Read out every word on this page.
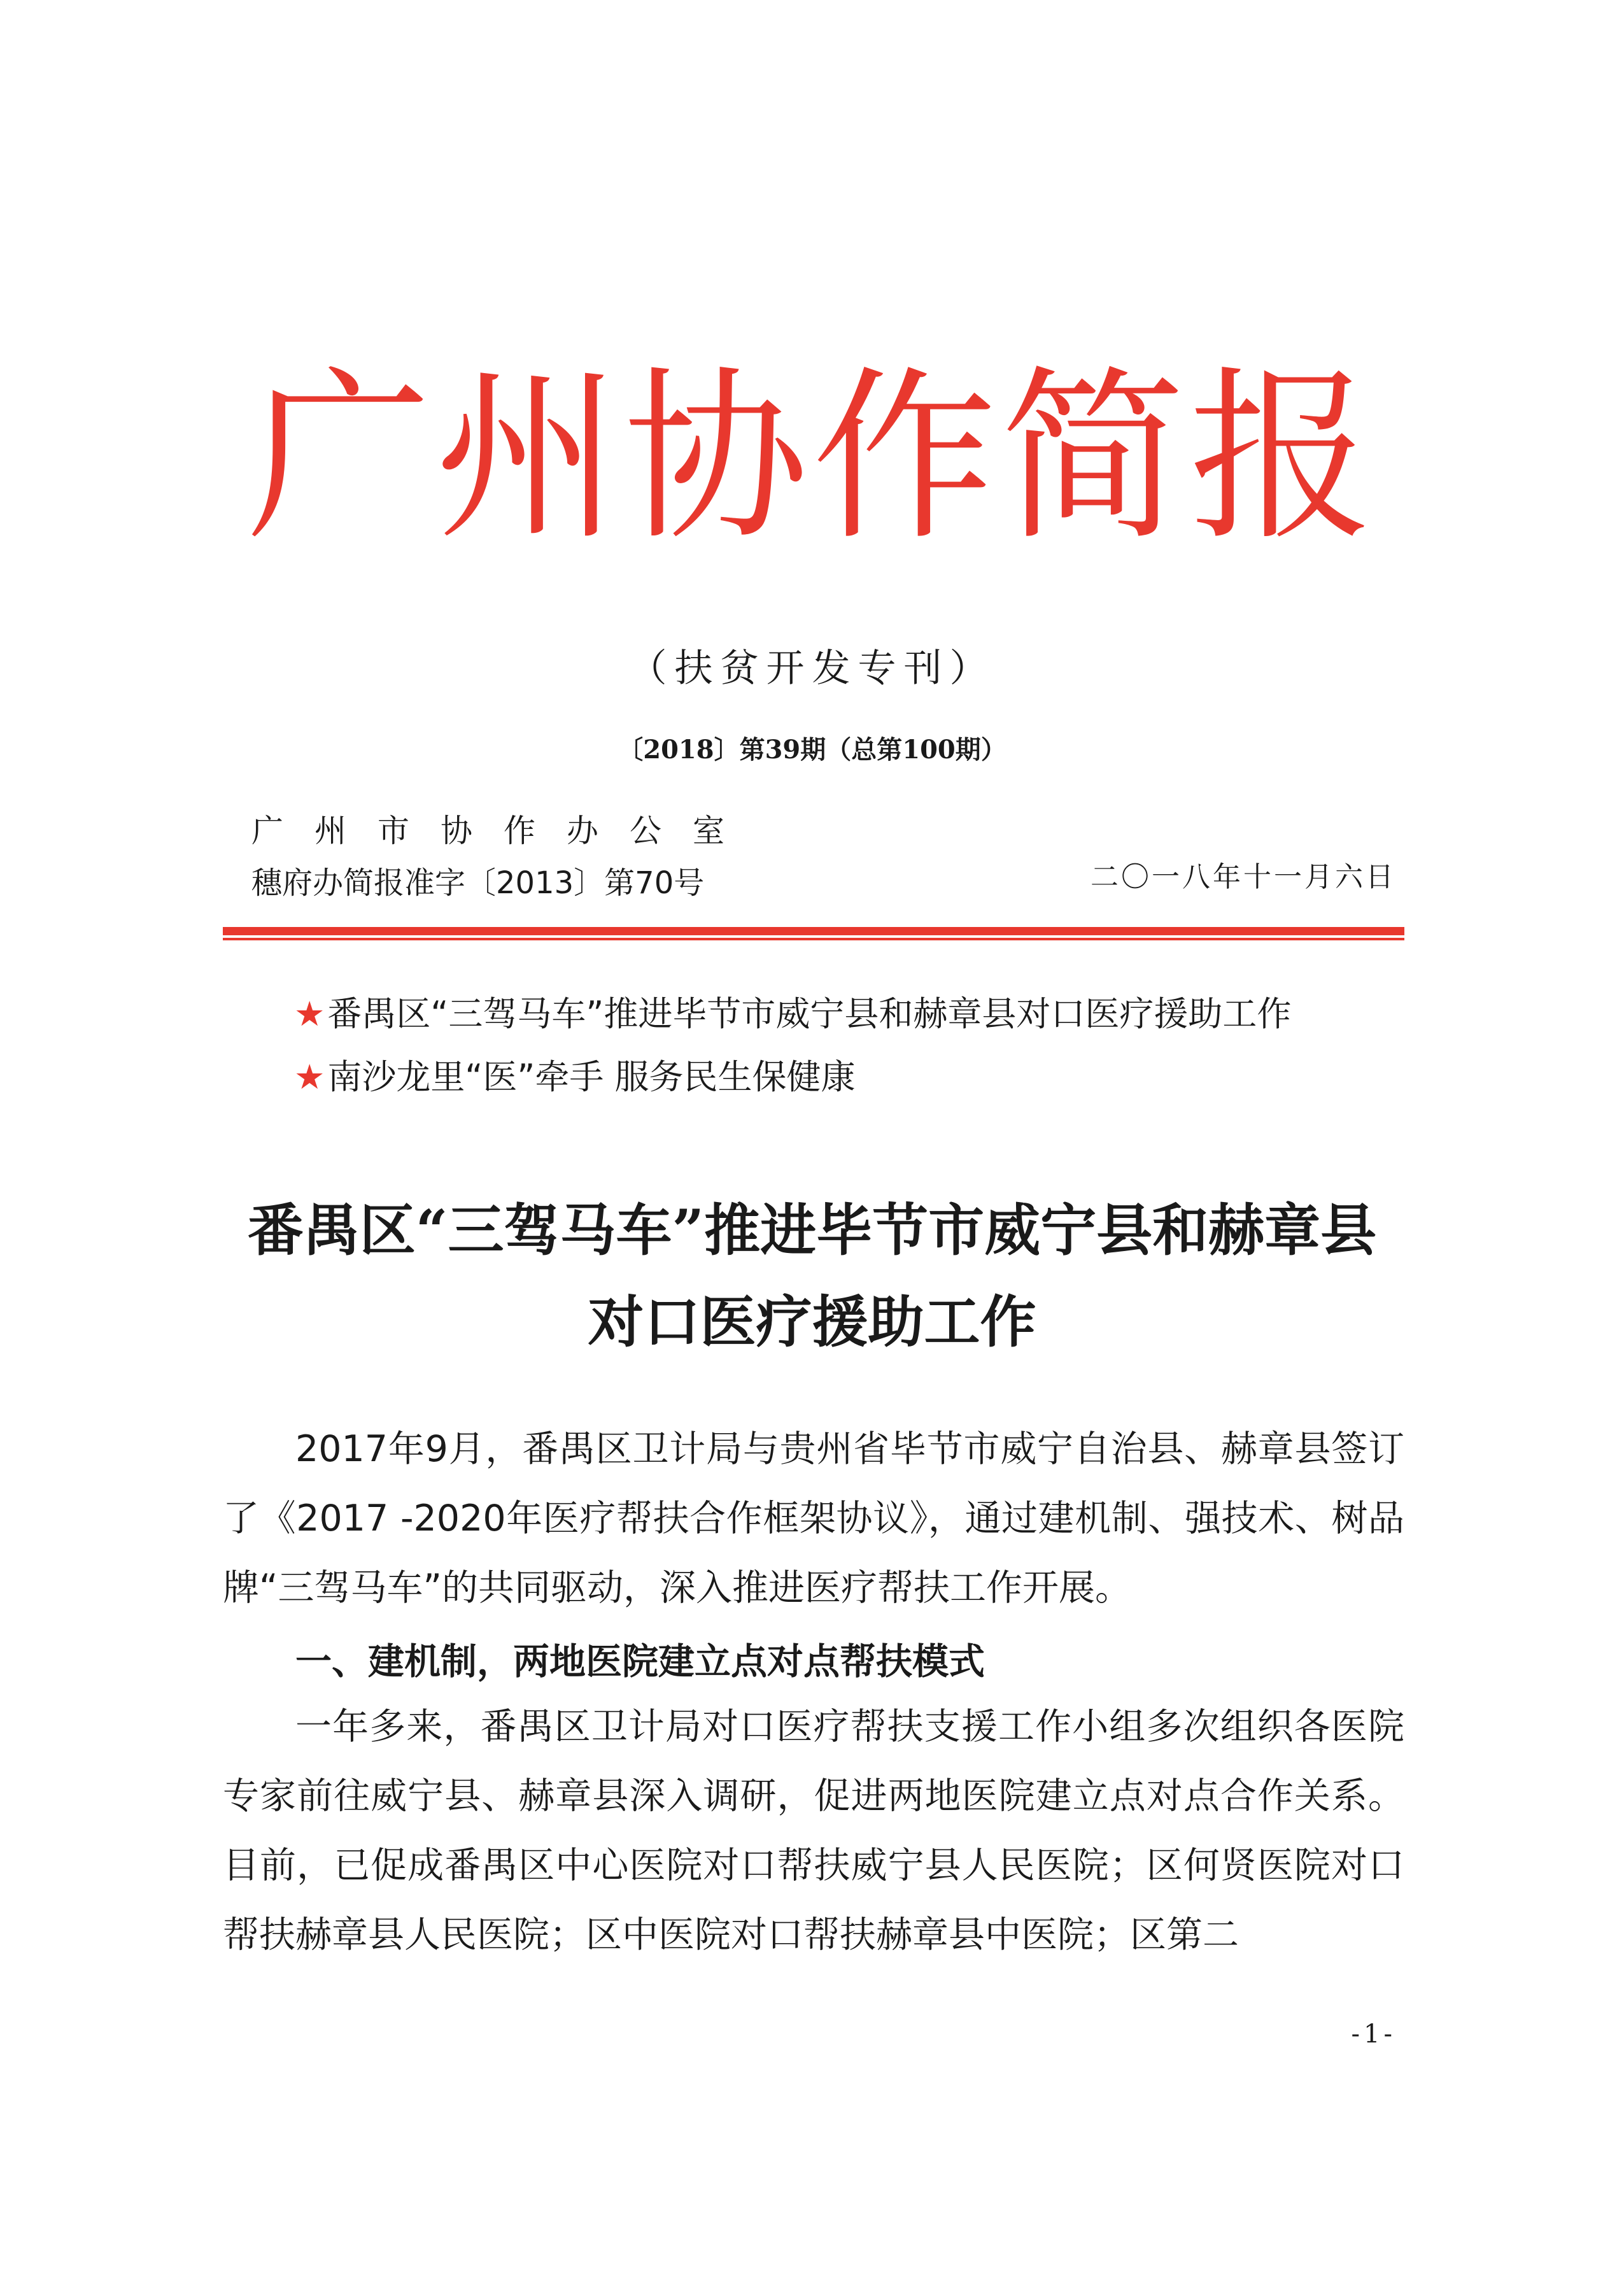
广州协作简报
（扶贫开发专刊）
〔2018〕第39期（总第100期）
广州市协作办公室
穗府办简报准字〔2013〕第70号	二〇一八年十一月六日
★番禺区“三驾马车”推进毕节市威宁县和赫章县对口医疗援助工作
★南沙龙里“医”牵手 服务民生保健康
番禺区“三驾马车”推进毕节市威宁县和赫章县
对口医疗援助工作
2017年9月，番禺区卫计局与贵州省毕节市威宁自治县、赫章县签订了《2017 -2020年医疗帮扶合作框架协议》，通过建机制、强技术、树品牌“三驾马车”的共同驱动，深入推进医疗帮扶工作开展。
一、建机制，两地医院建立点对点帮扶模式
一年多来，番禺区卫计局对口医疗帮扶支援工作小组多次组织各医院专家前往威宁县、赫章县深入调研，促进两地医院建立点对点合作关系。目前，已促成番禺区中心医院对口帮扶威宁县人民医院；区何贤医院对口帮扶赫章县人民医院；区中医院对口帮扶赫章县中医院；区第二
-1-
